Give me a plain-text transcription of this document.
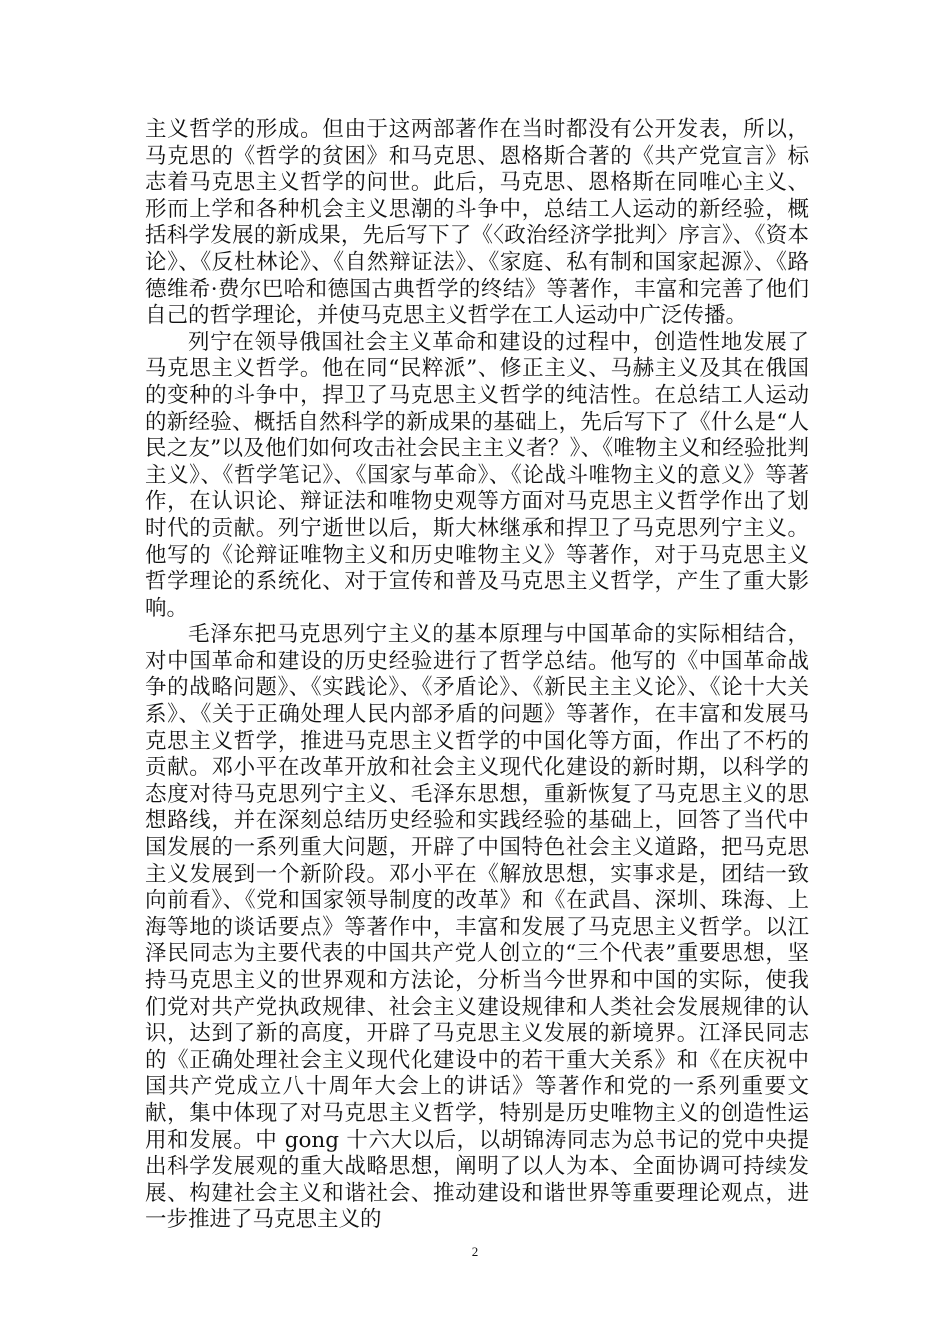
主义哲学的形成。但由于这两部著作在当时都没有公开发表，所以，马克思的《哲学的贫困》和马克思、恩格斯合著的《共产党宣言》标志着马克思主义哲学的问世。此后，马克思、恩格斯在同唯心主义、形而上学和各种机会主义思潮的斗争中，总结工人运动的新经验，概括科学发展的新成果，先后写下了《〈政治经济学批判〉序言》、《资本论》、《反杜林论》、《自然辩证法》、《家庭、私有制和国家起源》、《路德维希·费尔巴哈和德国古典哲学的终结》等著作，丰富和完善了他们自己的哲学理论，并使马克思主义哲学在工人运动中广泛传播。

列宁在领导俄国社会主义革命和建设的过程中，创造性地发展了马克思主义哲学。他在同“民粹派”、修正主义、马赫主义及其在俄国的变种的斗争中，捍卫了马克思主义哲学的纯洁性。在总结工人运动的新经验、概括自然科学的新成果的基础上，先后写下了《什么是“人民之友”以及他们如何攻击社会民主主义者？》、《唯物主义和经验批判主义》、《哲学笔记》、《国家与革命》、《论战斗唯物主义的意义》等著作，在认识论、辩证法和唯物史观等方面对马克思主义哲学作出了划时代的贡献。列宁逝世以后，斯大林继承和捍卫了马克思列宁主义。他写的《论辩证唯物主义和历史唯物主义》等著作，对于马克思主义哲学理论的系统化、对于宣传和普及马克思主义哲学，产生了重大影响。

毛泽东把马克思列宁主义的基本原理与中国革命的实际相结合，对中国革命和建设的历史经验进行了哲学总结。他写的《中国革命战争的战略问题》、《实践论》、《矛盾论》、《新民主主义论》、《论十大关系》、《关于正确处理人民内部矛盾的问题》等著作，在丰富和发展马克思主义哲学，推进马克思主义哲学的中国化等方面，作出了不朽的贡献。邓小平在改革开放和社会主义现代化建设的新时期，以科学的态度对待马克思列宁主义、毛泽东思想，重新恢复了马克思主义的思想路线，并在深刻总结历史经验和实践经验的基础上，回答了当代中国发展的一系列重大问题，开辟了中国特色社会主义道路，把马克思主义发展到一个新阶段。邓小平在《解放思想，实事求是，团结一致向前看》、《党和国家领导制度的改革》和《在武昌、深圳、珠海、上海等地的谈话要点》等著作中，丰富和发展了马克思主义哲学。以江泽民同志为主要代表的中国共产党人创立的“三个代表”重要思想，坚持马克思主义的世界观和方法论，分析当今世界和中国的实际，使我们党对共产党执政规律、社会主义建设规律和人类社会发展规律的认识，达到了新的高度，开辟了马克思主义发展的新境界。江泽民同志的《正确处理社会主义现代化建设中的若干重大关系》和《在庆祝中国共产党成立八十周年大会上的讲话》等著作和党的一系列重要文献，集中体现了对马克思主义哲学，特别是历史唯物主义的创造性运用和发展。中 gong 十六大以后，以胡锦涛同志为总书记的党中央提出科学发展观的重大战略思想，阐明了以人为本、全面协调可持续发展、构建社会主义和谐社会、推动建设和谐世界等重要理论观点，进一步推进了马克思主义的

2
